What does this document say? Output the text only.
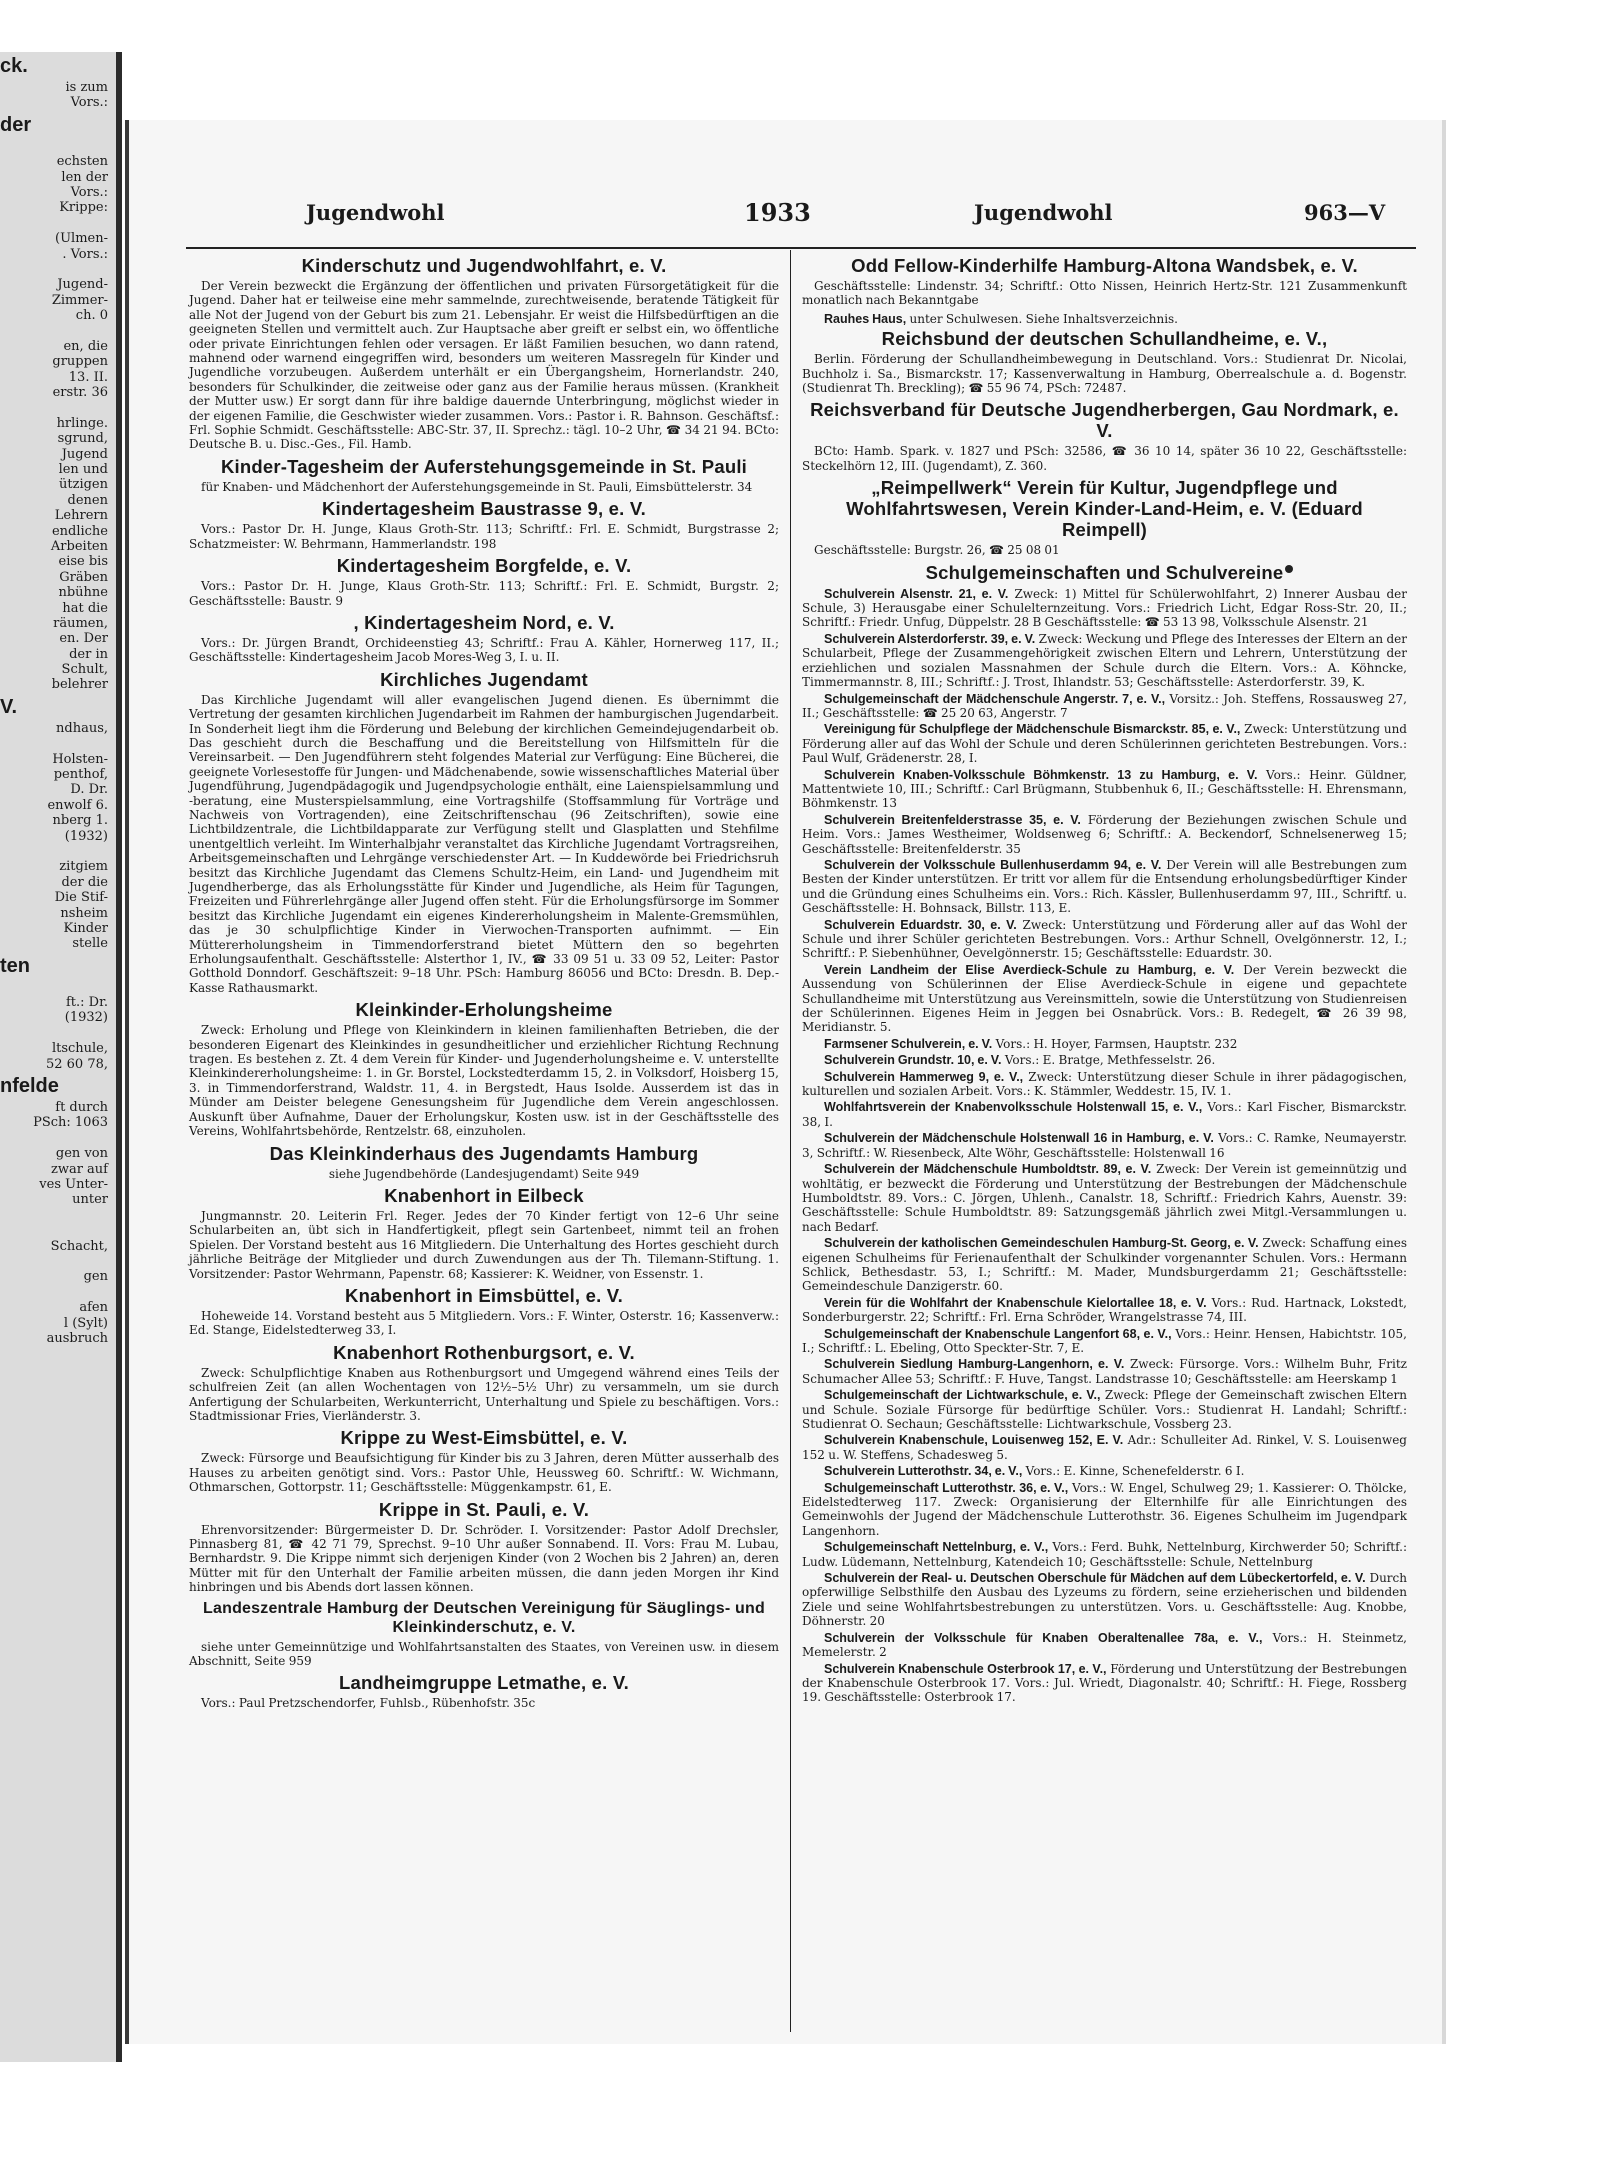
ck.
is zum
Vors.:
der
echsten
len der
Vors.:
Krippe:
(Ulmen-
. Vors.:
Jugend-
Zimmer-
ch. 0
en, die
gruppen
13. II.
erstr. 36
hrlinge.
sgrund,
Jugend
len und
ützigen
denen
Lehrern
endliche
Arbeiten
eise bis
Gräben
nbühne
hat die
räumen,
en. Der
der in
Schult,
belehrer
V.
ndhaus,
Holsten-
penthof,
D. Dr.
enwolf 6.
nberg 1.
(1932)
zitgiem
der die
Die Stif-
nsheim
Kinder
stelle
ten
ft.: Dr.
(1932)
ltschule,
52 60 78,
nfelde
ft durch
PSch: 1063
gen von
zwar auf
ves Unter-
unter
Schacht,
gen
afen
l (Sylt)
ausbruch
Jugendwohl	1933	Jugendwohl	963—V
Kinderschutz und Jugendwohlfahrt, e. V.

Der Verein bezweckt die Ergänzung der öffentlichen und privaten Fürsorgetätigkeit für die Jugend. Daher hat er teilweise eine mehr sammelnde, zurechtweisende, beratende Tätigkeit für alle Not der Jugend von der Geburt bis zum 21. Lebensjahr. Er weist die Hilfsbedürftigen an die geeigneten Stellen und vermittelt auch. Zur Hauptsache aber greift er selbst ein, wo öffentliche oder private Einrichtungen fehlen oder versagen. Er läßt Familien besuchen, wo dann ratend, mahnend oder warnend eingegriffen wird, besonders um weiteren Massregeln für Kinder und Jugendliche vorzubeugen. Außerdem unterhält er ein Übergangsheim, Hornerlandstr. 240, besonders für Schulkinder, die zeitweise oder ganz aus der Familie heraus müssen. (Krankheit der Mutter usw.) Er sorgt dann für ihre baldige dauernde Unterbringung, möglichst wieder in der eigenen Familie, die Geschwister wieder zusammen. Vors.: Pastor i. R. Bahnson. Geschäftsf.: Frl. Sophie Schmidt. Geschäftsstelle: ABC-Str. 37, II. Sprechz.: tägl. 10–2 Uhr, ☎ 34 21 94. BCto: Deutsche B. u. Disc.-Ges., Fil. Hamb.

Kinder-Tagesheim der Auferstehungsgemeinde in St. Pauli

für Knaben- und Mädchenhort der Auferstehungsgemeinde in St. Pauli, Eimsbüttelerstr. 34

Kindertagesheim Baustrasse 9, e. V.

Vors.: Pastor Dr. H. Junge, Klaus Groth-Str. 113; Schriftf.: Frl. E. Schmidt, Burgstrasse 2; Schatzmeister: W. Behrmann, Hammerlandstr. 198

Kindertagesheim Borgfelde, e. V.

Vors.: Pastor Dr. H. Junge, Klaus Groth-Str. 113; Schriftf.: Frl. E. Schmidt, Burgstr. 2; Geschäftsstelle: Baustr. 9

, Kindertagesheim Nord, e. V.

Vors.: Dr. Jürgen Brandt, Orchideenstieg 43; Schriftf.: Frau A. Kähler, Hornerweg 117, II.; Geschäftsstelle: Kindertagesheim Jacob Mores-Weg 3, I. u. II.

Kirchliches Jugendamt

Das Kirchliche Jugendamt will aller evangelischen Jugend dienen. Es übernimmt die Vertretung der gesamten kirchlichen Jugendarbeit im Rahmen der hamburgischen Jugendarbeit. In Sonderheit liegt ihm die Förderung und Belebung der kirchlichen Gemeindejugendarbeit ob. Das geschieht durch die Beschaffung und die Bereitstellung von Hilfsmitteln für die Vereinsarbeit. — Den Jugendführern steht folgendes Material zur Verfügung: Eine Bücherei, die geeignete Vorlesestoffe für Jungen- und Mädchenabende, sowie wissenschaftliches Material über Jugendführung, Jugendpädagogik und Jugendpsychologie enthält, eine Laienspielsammlung und -beratung, eine Musterspielsammlung, eine Vortragshilfe (Stoffsammlung für Vorträge und Nachweis von Vortragenden), eine Zeitschriftenschau (96 Zeitschriften), sowie eine Lichtbildzentrale, die Lichtbildapparate zur Verfügung stellt und Glasplatten und Stehfilme unentgeltlich verleiht. Im Winterhalbjahr veranstaltet das Kirchliche Jugendamt Vortragsreihen, Arbeitsgemeinschaften und Lehrgänge verschiedenster Art. — In Kuddewörde bei Friedrichsruh besitzt das Kirchliche Jugendamt das Clemens Schultz-Heim, ein Land- und Jugendheim mit Jugendherberge, das als Erholungsstätte für Kinder und Jugendliche, als Heim für Tagungen, Freizeiten und Führerlehrgänge aller Jugend offen steht. Für die Erholungsfürsorge im Sommer besitzt das Kirchliche Jugendamt ein eigenes Kindererholungsheim in Malente-Gremsmühlen, das je 30 schulpflichtige Kinder in Vierwochen-Transporten aufnimmt. — Ein Müttererholungsheim in Timmendorferstrand bietet Müttern den so begehrten Erholungsaufenthalt. Geschäftsstelle: Alsterthor 1, IV., ☎ 33 09 51 u. 33 09 52, Leiter: Pastor Gotthold Donndorf. Geschäftszeit: 9–18 Uhr. PSch: Hamburg 86056 und BCto: Dresdn. B. Dep.-Kasse Rathausmarkt.

Kleinkinder-Erholungsheime

Zweck: Erholung und Pflege von Kleinkindern in kleinen familienhaften Betrieben, die der besonderen Eigenart des Kleinkindes in gesundheitlicher und erziehlicher Richtung Rechnung tragen. Es bestehen z. Zt. 4 dem Verein für Kinder- und Jugenderholungsheime e. V. unterstellte Kleinkindererholungsheime: 1. in Gr. Borstel, Lockstedterdamm 15, 2. in Volksdorf, Hoisberg 15, 3. in Timmendorferstrand, Waldstr. 11, 4. in Bergstedt, Haus Isolde. Ausserdem ist das in Münder am Deister belegene Genesungsheim für Jugendliche dem Verein angeschlossen. Auskunft über Aufnahme, Dauer der Erholungskur, Kosten usw. ist in der Geschäftsstelle des Vereins, Wohlfahrtsbehörde, Rentzelstr. 68, einzuholen.

Das Kleinkinderhaus des Jugendamts Hamburg

siehe Jugendbehörde (Landesjugendamt) Seite 949

Knabenhort in Eilbeck

Jungmannstr. 20. Leiterin Frl. Reger. Jedes der 70 Kinder fertigt von 12–6 Uhr seine Schularbeiten an, übt sich in Handfertigkeit, pflegt sein Gartenbeet, nimmt teil an frohen Spielen. Der Vorstand besteht aus 16 Mitgliedern. Die Unterhaltung des Hortes geschieht durch jährliche Beiträge der Mitglieder und durch Zuwendungen aus der Th. Tilemann-Stiftung. 1. Vorsitzender: Pastor Wehrmann, Papenstr. 68; Kassierer: K. Weidner, von Essenstr. 1.

Knabenhort in Eimsbüttel, e. V.

Hoheweide 14. Vorstand besteht aus 5 Mitgliedern. Vors.: F. Winter, Osterstr. 16; Kassenverw.: Ed. Stange, Eidelstedterweg 33, I.

Knabenhort Rothenburgsort, e. V.

Zweck: Schulpflichtige Knaben aus Rothenburgsort und Umgegend während eines Teils der schulfreien Zeit (an allen Wochentagen von 12½–5½ Uhr) zu versammeln, um sie durch Anfertigung der Schularbeiten, Werkunterricht, Unterhaltung und Spiele zu beschäftigen. Vors.: Stadtmissionar Fries, Vierländerstr. 3.

Krippe zu West-Eimsbüttel, e. V.

Zweck: Fürsorge und Beaufsichtigung für Kinder bis zu 3 Jahren, deren Mütter ausserhalb des Hauses zu arbeiten genötigt sind. Vors.: Pastor Uhle, Heussweg 60. Schriftf.: W. Wichmann, Othmarschen, Gottorpstr. 11; Geschäftsstelle: Müggenkampstr. 61, E.

Krippe in St. Pauli, e. V.

Ehrenvorsitzender: Bürgermeister D. Dr. Schröder. I. Vorsitzender: Pastor Adolf Drechsler, Pinnasberg 81, ☎ 42 71 79, Sprechst. 9–10 Uhr außer Sonnabend. II. Vors: Frau M. Lubau, Bernhardstr. 9. Die Krippe nimmt sich derjenigen Kinder (von 2 Wochen bis 2 Jahren) an, deren Mütter mit für den Unterhalt der Familie arbeiten müssen, die dann jeden Morgen ihr Kind hinbringen und bis Abends dort lassen können.

Landeszentrale Hamburg der Deutschen Vereinigung für Säuglings- und Kleinkinderschutz, e. V.

siehe unter Gemeinnützige und Wohlfahrtsanstalten des Staates, von Vereinen usw. in diesem Abschnitt, Seite 959

Landheimgruppe Letmathe, e. V.

Vors.: Paul Pretzschendorfer, Fuhlsb., Rübenhofstr. 35c

Odd Fellow-Kinderhilfe Hamburg-Altona Wandsbek, e. V.

Geschäftsstelle: Lindenstr. 34; Schriftf.: Otto Nissen, Heinrich Hertz-Str. 121 Zusammenkunft monatlich nach Bekanntgabe

Rauhes Haus, unter Schulwesen. Siehe Inhaltsverzeichnis.

Reichsbund der deutschen Schullandheime, e. V.,

Berlin. Förderung der Schullandheimbewegung in Deutschland. Vors.: Studienrat Dr. Nicolai, Buchholz i. Sa., Bismarckstr. 17; Kassenverwaltung in Hamburg, Oberrealschule a. d. Bogenstr. (Studienrat Th. Breckling); ☎ 55 96 74, PSch: 72487.

Reichsverband für Deutsche Jugendherbergen, Gau Nordmark, e. V.

BCto: Hamb. Spark. v. 1827 und PSch: 32586, ☎ 36 10 14, später 36 10 22, Geschäftsstelle: Steckelhörn 12, III. (Jugendamt), Z. 360.

„Reimpellwerk“ Verein für Kultur, Jugendpflege und Wohlfahrtswesen, Verein Kinder-Land-Heim, e. V. (Eduard Reimpell)

Geschäftsstelle: Burgstr. 26, ☎ 25 08 01

Schulgemeinschaften und Schulvereine

Schulverein Alsenstr. 21, e. V. Zweck: 1) Mittel für Schülerwohlfahrt, 2) Innerer Ausbau der Schule, 3) Herausgabe einer Schulelternzeitung. Vors.: Friedrich Licht, Edgar Ross-Str. 20, II.; Schriftf.: Friedr. Unfug, Düppelstr. 28 B Geschäftsstelle: ☎ 53 13 98, Volksschule Alsenstr. 21

Schulverein Alsterdorferstr. 39, e. V. Zweck: Weckung und Pflege des Interesses der Eltern an der Schularbeit, Pflege der Zusammengehörigkeit zwischen Eltern und Lehrern, Unterstützung der erziehlichen und sozialen Massnahmen der Schule durch die Eltern. Vors.: A. Köhncke, Timmermannstr. 8, III.; Schriftf.: J. Trost, Ihlandstr. 53; Geschäftsstelle: Asterdorferstr. 39, K.

Schulgemeinschaft der Mädchenschule Angerstr. 7, e. V., Vorsitz.: Joh. Steffens, Rossausweg 27, II.; Geschäftsstelle: ☎ 25 20 63, Angerstr. 7

Vereinigung für Schulpflege der Mädchenschule Bismarckstr. 85, e. V., Zweck: Unterstützung und Förderung aller auf das Wohl der Schule und deren Schülerinnen gerichteten Bestrebungen. Vors.: Paul Wulf, Grädenerstr. 28, I.

Schulverein Knaben-Volksschule Böhmkenstr. 13 zu Hamburg, e. V. Vors.: Heinr. Güldner, Mattentwiete 10, III.; Schriftf.: Carl Brügmann, Stubbenhuk 6, II.; Geschäftsstelle: H. Ehrensmann, Böhmkenstr. 13

Schulverein Breitenfelderstrasse 35, e. V. Förderung der Beziehungen zwischen Schule und Heim. Vors.: James Westheimer, Woldsenweg 6; Schriftf.: A. Beckendorf, Schnelsenerweg 15; Geschäftsstelle: Breitenfelderstr. 35

Schulverein der Volksschule Bullenhuserdamm 94, e. V. Der Verein will alle Bestrebungen zum Besten der Kinder unterstützen. Er tritt vor allem für die Entsendung erholungsbedürftiger Kinder und die Gründung eines Schulheims ein. Vors.: Rich. Kässler, Bullenhuserdamm 97, III., Schriftf. u. Geschäftsstelle: H. Bohnsack, Billstr. 113, E.

Schulverein Eduardstr. 30, e. V. Zweck: Unterstützung und Förderung aller auf das Wohl der Schule und ihrer Schüler gerichteten Bestrebungen. Vors.: Arthur Schnell, Ovelgönnerstr. 12, I.; Schriftf.: P. Siebenhühner, Oevelgönnerstr. 15; Geschäftsstelle: Eduardstr. 30.

Verein Landheim der Elise Averdieck-Schule zu Hamburg, e. V. Der Verein bezweckt die Aussendung von Schülerinnen der Elise Averdieck-Schule in eigene und gepachtete Schullandheime mit Unterstützung aus Vereinsmitteln, sowie die Unterstützung von Studienreisen der Schülerinnen. Eigenes Heim in Jeggen bei Osnabrück. Vors.: B. Redegelt, ☎ 26 39 98, Meridianstr. 5.

Farmsener Schulverein, e. V. Vors.: H. Hoyer, Farmsen, Hauptstr. 232

Schulverein Grundstr. 10, e. V. Vors.: E. Bratge, Methfesselstr. 26.

Schulverein Hammerweg 9, e. V., Zweck: Unterstützung dieser Schule in ihrer pädagogischen, kulturellen und sozialen Arbeit. Vors.: K. Stämmler, Weddestr. 15, IV. 1.

Wohlfahrtsverein der Knabenvolksschule Holstenwall 15, e. V., Vors.: Karl Fischer, Bismarckstr. 38, I.

Schulverein der Mädchenschule Holstenwall 16 in Hamburg, e. V. Vors.: C. Ramke, Neumayerstr. 3, Schriftf.: W. Riesenbeck, Alte Wöhr, Geschäftsstelle: Holstenwall 16

Schulverein der Mädchenschule Humboldtstr. 89, e. V. Zweck: Der Verein ist gemeinnützig und wohltätig, er bezweckt die Förderung und Unterstützung der Bestrebungen der Mädchenschule Humboldtstr. 89. Vors.: C. Jörgen, Uhlenh., Canalstr. 18, Schriftf.: Friedrich Kahrs, Auenstr. 39: Geschäftsstelle: Schule Humboldtstr. 89: Satzungsgemäß jährlich zwei Mitgl.-Versammlungen u. nach Bedarf.

Schulverein der katholischen Gemeindeschulen Hamburg-St. Georg, e. V. Zweck: Schaffung eines eigenen Schulheims für Ferienaufenthalt der Schulkinder vorgenannter Schulen. Vors.: Hermann Schlick, Bethesdastr. 53, I.; Schriftf.: M. Mader, Mundsburgerdamm 21; Geschäftsstelle: Gemeindeschule Danzigerstr. 60.

Verein für die Wohlfahrt der Knabenschule Kielortallee 18, e. V. Vors.: Rud. Hartnack, Lokstedt, Sonderburgerstr. 22; Schriftf.: Frl. Erna Schröder, Wrangelstrasse 74, III.

Schulgemeinschaft der Knabenschule Langenfort 68, e. V., Vors.: Heinr. Hensen, Habichtstr. 105, I.; Schriftf.: L. Ebeling, Otto Speckter-Str. 7, E.

Schulverein Siedlung Hamburg-Langenhorn, e. V. Zweck: Fürsorge. Vors.: Wilhelm Buhr, Fritz Schumacher Allee 53; Schriftf.: F. Huve, Tangst. Landstrasse 10; Geschäftsstelle: am Heerskamp 1

Schulgemeinschaft der Lichtwarkschule, e. V., Zweck: Pflege der Gemeinschaft zwischen Eltern und Schule. Soziale Fürsorge für bedürftige Schüler. Vors.: Studienrat H. Landahl; Schriftf.: Studienrat O. Sechaun; Geschäftsstelle: Lichtwarkschule, Vossberg 23.

Schulverein Knabenschule, Louisenweg 152, E. V. Adr.: Schulleiter Ad. Rinkel, V. S. Louisenweg 152 u. W. Steffens, Schadesweg 5.

Schulverein Lutterothstr. 34, e. V., Vors.: E. Kinne, Schenefelderstr. 6 I.

Schulgemeinschaft Lutterothstr. 36, e. V., Vors.: W. Engel, Schulweg 29; 1. Kassierer: O. Thölcke, Eidelstedterweg 117. Zweck: Organisierung der Elternhilfe für alle Einrichtungen des Gemeinwohls der Jugend der Mädchenschule Lutterothstr. 36. Eigenes Schulheim im Jugendpark Langenhorn.

Schulgemeinschaft Nettelnburg, e. V., Vors.: Ferd. Buhk, Nettelnburg, Kirchwerder 50; Schriftf.: Ludw. Lüdemann, Nettelnburg, Katendeich 10; Geschäftsstelle: Schule, Nettelnburg

Schulverein der Real- u. Deutschen Oberschule für Mädchen auf dem Lübeckertorfeld, e. V. Durch opferwillige Selbsthilfe den Ausbau des Lyzeums zu fördern, seine erzieherischen und bildenden Ziele und seine Wohlfahrtsbestrebungen zu unterstützen. Vors. u. Geschäftsstelle: Aug. Knobbe, Döhnerstr. 20

Schulverein der Volksschule für Knaben Oberaltenallee 78a, e. V., Vors.: H. Steinmetz, Memelerstr. 2

Schulverein Knabenschule Osterbrook 17, e. V., Förderung und Unterstützung der Bestrebungen der Knabenschule Osterbrook 17. Vors.: Jul. Wriedt, Diagonalstr. 40; Schriftf.: H. Fiege, Rossberg 19. Geschäftsstelle: Osterbrook 17.
